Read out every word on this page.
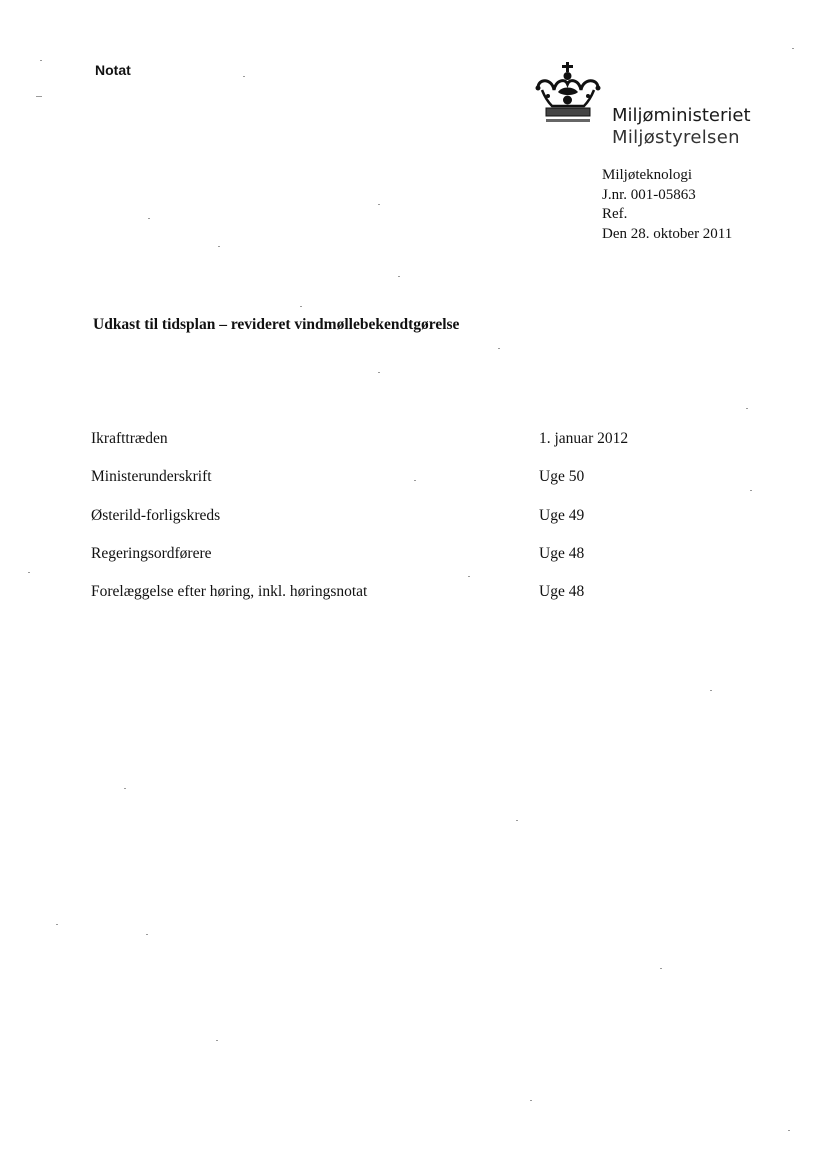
Notat
Miljøministeriet
Miljøstyrelsen
Miljøteknologi
J.nr. 001-05863
Ref.
Den 28. oktober 2011
Udkast til tidsplan – revideret vindmøllebekendtgørelse
Ikrafttræden	1. januar 2012
Ministerunderskrift	Uge 50
Østerild-forligskreds	Uge 49
Regeringsordførere	Uge 48
Forelæggelse efter høring, inkl. høringsnotat	Uge 48
